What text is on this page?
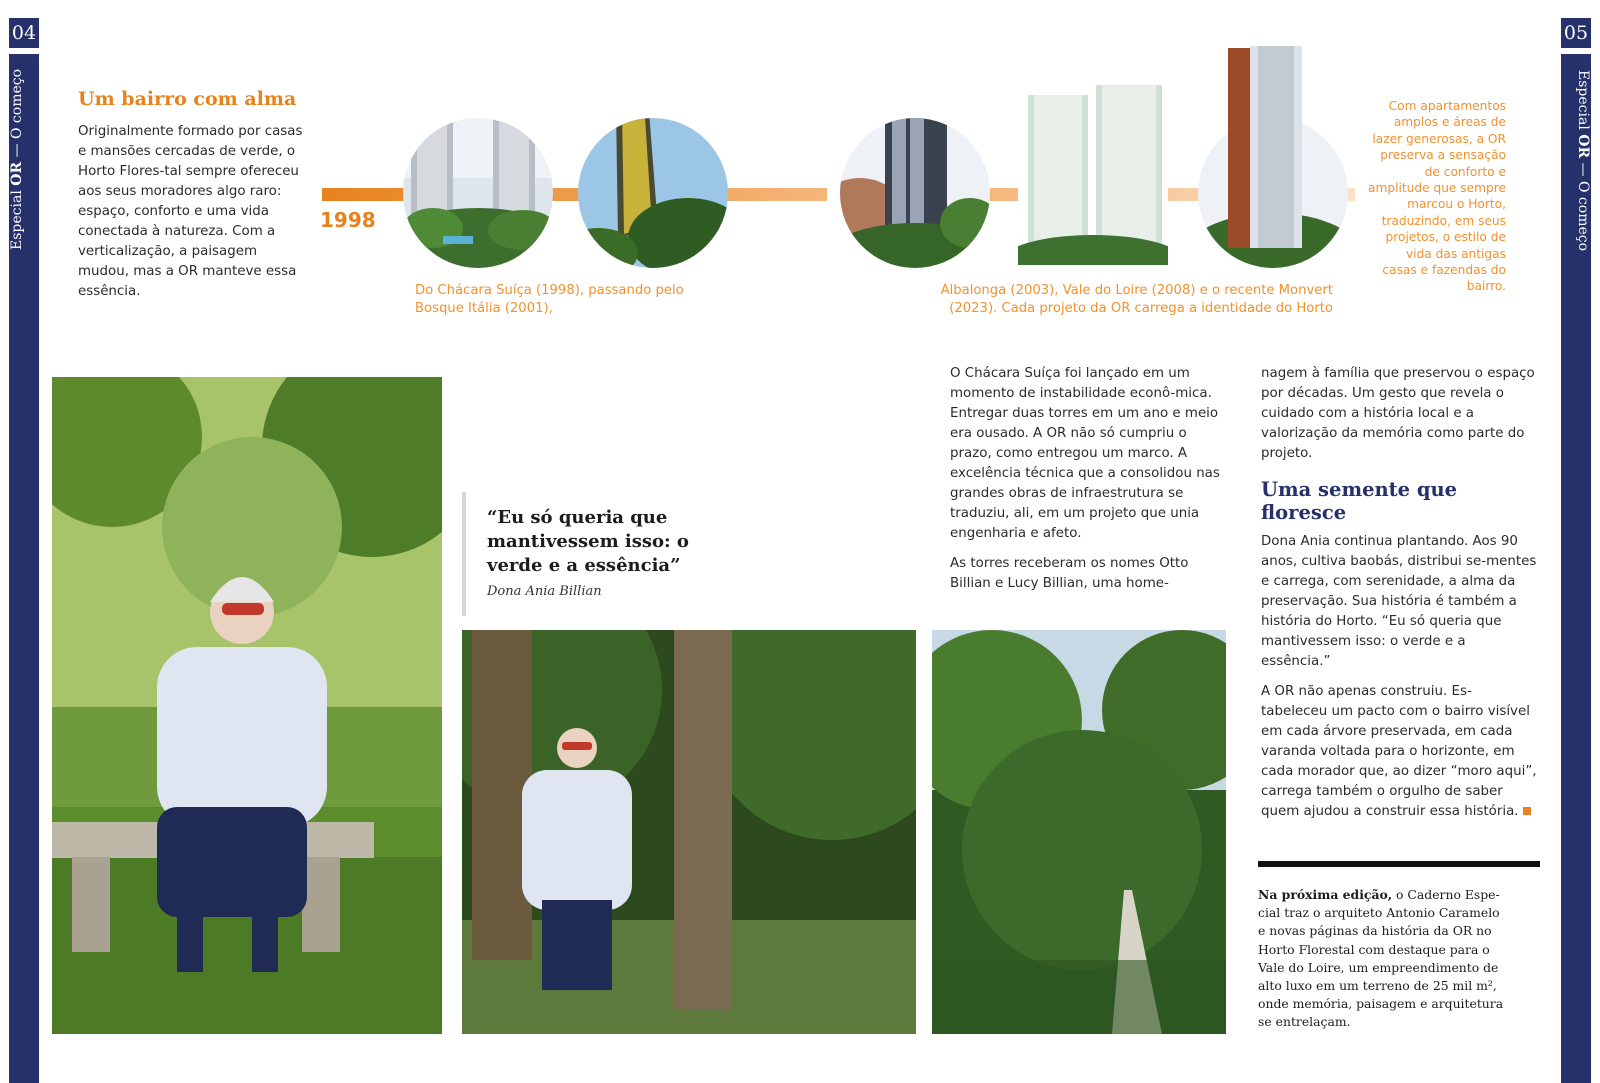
04
Especial OR — O começo
05
Especial OR — O começo
Um bairro com alma

Originalmente formado por casas e mansões cercadas de verde, o Horto Flores-tal sempre ofereceu aos seus moradores algo raro: espaço, conforto e uma vida conectada à natureza. Com a verticalização, a paisagem mudou, mas a OR manteve essa essência.

1998
Do Chácara Suíça (1998), passando pelo Bosque Itália (2001),
Albalonga (2003), Vale do Loire (2008) e o recente Monvert (2023). Cada projeto da OR carrega a identidade do Horto
Com apartamentos amplos e áreas de lazer generosas, a OR preserva a sensação de conforto e amplitude que sempre marcou o Horto, traduzindo, em seus projetos, o estilo de vida das antigas casas e fazendas do bairro.

“Eu só queria que mantivessem isso: o verde e a essência”

Dona Ania Billian

O Chácara Suíça foi lançado em um momento de instabilidade econô-mica. Entregar duas torres em um ano e meio era ousado. A OR não só cumpriu o prazo, como entregou um marco. A excelência técnica que a consolidou nas grandes obras de infraestrutura se traduziu, ali, em um projeto que unia engenharia e afeto.

As torres receberam os nomes Otto Billian e Lucy Billian, uma home-

nagem à família que preservou o espaço por décadas. Um gesto que revela o cuidado com a história local e a valorização da memória como parte do projeto.

Uma semente que floresce

Dona Ania continua plantando. Aos 90 anos, cultiva baobás, distribui se-mentes e carrega, com serenidade, a alma da preservação. Sua história é também a história do Horto. “Eu só queria que mantivessem isso: o verde e a essência.”

A OR não apenas construiu. Es-tabeleceu um pacto com o bairro visível em cada árvore preservada, em cada varanda voltada para o horizonte, em cada morador que, ao dizer “moro aqui”, carrega também o orgulho de saber quem ajudou a construir essa história.

Na próxima edição, o Caderno Espe-cial traz o arquiteto Antonio Caramelo e novas páginas da história da OR no Horto Florestal com destaque para o Vale do Loire, um empreendimento de alto luxo em um terreno de 25 mil m², onde memória, paisagem e arquitetura se entrelaçam.
